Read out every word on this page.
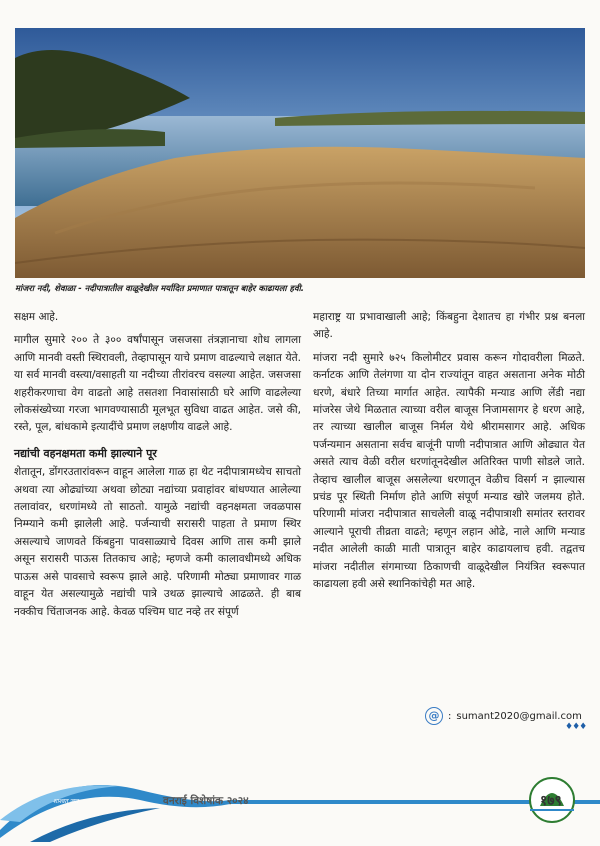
मांजरा नदी, शेवाळा - नदीपात्रातील वाळूदेखील मर्यादित प्रमाणात पात्रातून बाहेर काढायला हवी.

सक्षम आहे.

मागील सुमारे २०० ते ३०० वर्षांपासून जसजसा तंत्रज्ञानाचा शोध लागला आणि मानवी वस्ती स्थिरावली, तेव्हापासून याचे प्रमाण वाढल्याचे लक्षात येते. या सर्व मानवी वस्त्या/वसाहती या नदीच्या तीरांवरच वसल्या आहेत. जसजसा शहरीकरणाचा वेग वाढतो आहे तसतशा निवासांसाठी घरे आणि वाढलेल्या लोकसंख्येच्या गरजा भागवण्यासाठी मूलभूत सुविधा वाढत आहेत. जसे की, रस्ते, पूल, बांधकामे इत्यादींचे प्रमाण लक्षणीय वाढले आहे.

नद्यांची वहनक्षमता कमी झाल्याने पूर

शेतातून, डोंगरउतारांवरून वाहून आलेला गाळ हा थेट नदीपात्रामध्येच साचतो अथवा त्या ओढ्यांच्या अथवा छोट्या नद्यांच्या प्रवाहांवर बांधण्यात आलेल्या तलावांवर, धरणांमध्ये तो साठतो. यामुळे नद्यांची वहनक्षमता जवळपास निम्म्याने कमी झालेली आहे. पर्जन्याची सरासरी पाहता ते प्रमाण स्थिर असल्याचे जाणवते किंबहुना पावसाळ्याचे दिवस आणि तास कमी झाले असून सरासरी पाऊस तितकाच आहे; म्हणजे कमी कालावधीमध्ये अधिक पाऊस असे पावसाचे स्वरूप झाले आहे. परिणामी मोठ्या प्रमाणावर गाळ वाहून येत असल्यामुळे नद्यांची पात्रे उथळ झाल्याचे आढळते. ही बाब नक्कीच चिंताजनक आहे. केवळ पश्चिम घाट नव्हे तर संपूर्ण

महाराष्ट्र या प्रभावाखाली आहे; किंबहुना देशातच हा गंभीर प्रश्न बनला आहे.

मांजरा नदी सुमारे ७२५ किलोमीटर प्रवास करून गोदावरीला मिळते. कर्नाटक आणि तेलंगणा या दोन राज्यांतून वाहत असताना अनेक मोठी धरणे, बंधारे तिच्या मार्गात आहेत. त्यापैकी मन्याड आणि लेंडी नद्या मांजरेस जेथे मिळतात त्याच्या वरील बाजूस निजामसागर हे धरण आहे, तर त्याच्या खालील बाजूस निर्मल येथे श्रीरामसागर आहे. अधिक पर्जन्यमान असताना सर्वच बाजूंनी पाणी नदीपात्रात आणि ओढ्यात येत असते त्याच वेळी वरील धरणांतूनदेखील अतिरिक्त पाणी सोडले जाते. तेव्हाच खालील बाजूस असलेल्या धरणातून वेळीच विसर्ग न झाल्यास प्रचंड पूर स्थिती निर्माण होते आणि संपूर्ण मन्याड खोरे जलमय होते. परिणामी मांजरा नदीपात्रात साचलेली वाळू नदीपात्राशी समांतर स्तरावर आल्याने पूराची तीव्रता वाढते; म्हणून लहान ओढे, नाले आणि मन्याड नदीत आलेली काळी माती पात्रातून बाहेर काढायलाच हवी. तद्वतच मांजरा नदीतील संगमाच्या ठिकाणची वाळूदेखील नियंत्रित स्वरूपात काढायला हवी असे स्थानिकांचेही मत आहे.

@ : sumant2020@gmail.com
♦♦♦
शाश्वत जल	वनराई विशेषांक २०२४	१७९
